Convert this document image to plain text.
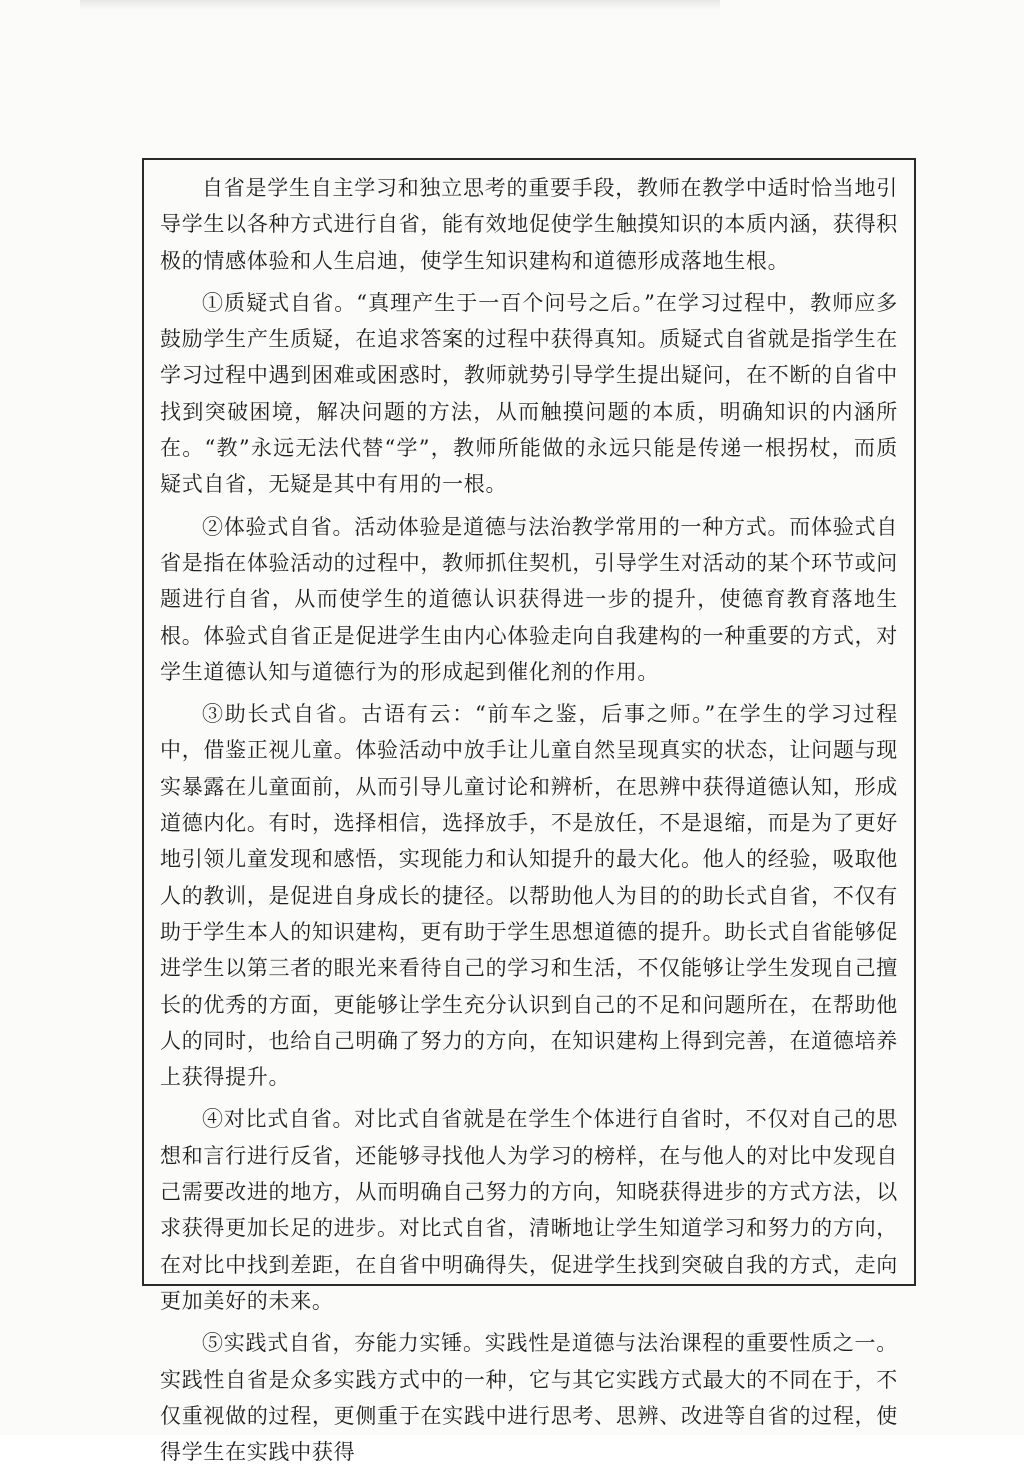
自省是学生自主学习和独立思考的重要手段，教师在教学中适时恰当地引导学生以各种方式进行自省，能有效地促使学生触摸知识的本质内涵，获得积极的情感体验和人生启迪，使学生知识建构和道德形成落地生根。

①质疑式自省。“真理产生于一百个问号之后。”在学习过程中，教师应多鼓励学生产生质疑，在追求答案的过程中获得真知。质疑式自省就是指学生在学习过程中遇到困难或困惑时，教师就势引导学生提出疑问，在不断的自省中找到突破困境，解决问题的方法，从而触摸问题的本质，明确知识的内涵所在。“教”永远无法代替“学”，教师所能做的永远只能是传递一根拐杖，而质疑式自省，无疑是其中有用的一根。

②体验式自省。活动体验是道德与法治教学常用的一种方式。而体验式自省是指在体验活动的过程中，教师抓住契机，引导学生对活动的某个环节或问题进行自省，从而使学生的道德认识获得进一步的提升，使德育教育落地生根。体验式自省正是促进学生由内心体验走向自我建构的一种重要的方式，对学生道德认知与道德行为的形成起到催化剂的作用。

③助长式自省。古语有云：“前车之鉴，后事之师。”在学生的学习过程中，借鉴正视儿童。体验活动中放手让儿童自然呈现真实的状态，让问题与现实暴露在儿童面前，从而引导儿童讨论和辨析，在思辨中获得道德认知，形成道德内化。有时，选择相信，选择放手，不是放任，不是退缩，而是为了更好地引领儿童发现和感悟，实现能力和认知提升的最大化。他人的经验，吸取他人的教训，是促进自身成长的捷径。以帮助他人为目的的助长式自省，不仅有助于学生本人的知识建构，更有助于学生思想道德的提升。助长式自省能够促进学生以第三者的眼光来看待自己的学习和生活，不仅能够让学生发现自己擅长的优秀的方面，更能够让学生充分认识到自己的不足和问题所在，在帮助他人的同时，也给自己明确了努力的方向，在知识建构上得到完善，在道德培养上获得提升。

④对比式自省。对比式自省就是在学生个体进行自省时，不仅对自己的思想和言行进行反省，还能够寻找他人为学习的榜样，在与他人的对比中发现自己需要改进的地方，从而明确自己努力的方向，知晓获得进步的方式方法，以求获得更加长足的进步。对比式自省，清晰地让学生知道学习和努力的方向，在对比中找到差距，在自省中明确得失，促进学生找到突破自我的方式，走向更加美好的未来。

⑤实践式自省，夯能力实锤。实践性是道德与法治课程的重要性质之一。实践性自省是众多实践方式中的一种，它与其它实践方式最大的不同在于，不仅重视做的过程，更侧重于在实践中进行思考、思辨、改进等自省的过程，使得学生在实践中获得
